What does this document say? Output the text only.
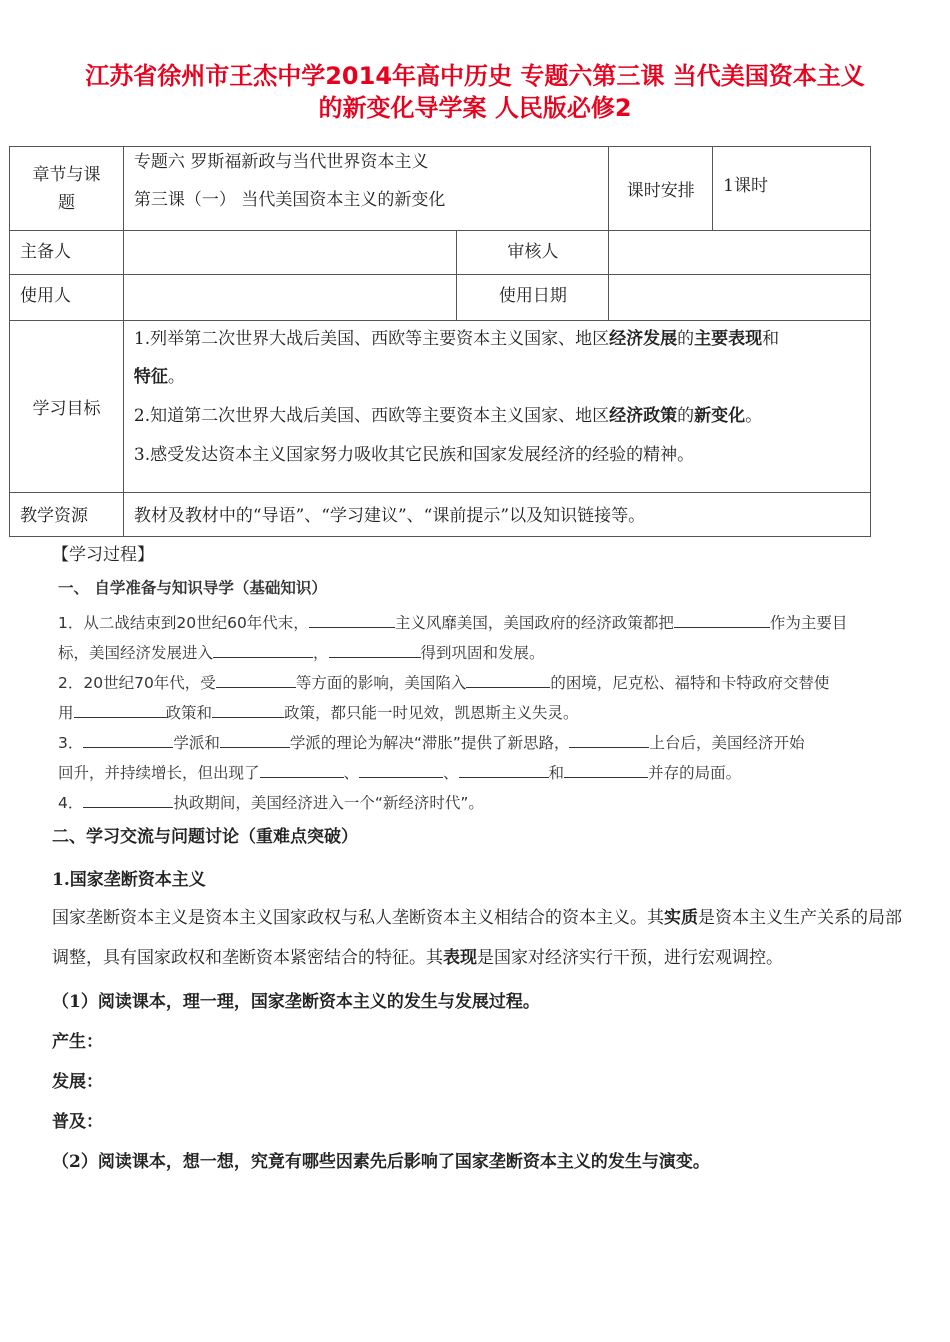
江苏省徐州市王杰中学2014年高中历史 专题六第三课 当代美国资本主义
的新变化导学案 人民版必修2
章节与课题	专题六 罗斯福新政与当代世界资本主义
第三课（一） 当代美国资本主义的新变化		课时安排	1课时
主备人		审核人		
使用人		使用日期		
学习目标	1.列举第二次世界大战后美国、西欧等主要资本主义国家、地区经济发展的主要表现和
特征。
2.知道第二次世界大战后美国、西欧等主要资本主义国家、地区经济政策的新变化。
3.感受发达资本主义国家努力吸收其它民族和国家发展经济的经验的精神。			

教学资源	教材及教材中的“导语”、“学习建议”、“课前提示”以及知识链接等。			
【学习过程】
一、 自学准备与知识导学（基础知识）
1．从二战结束到20世纪60年代末，	主义风靡美国，美国政府的经济政策都把	作为主要目
标，美国经济发展进入	，	得到巩固和发展。
2．20世纪70年代，受	等方面的影响，美国陷入	的困境，尼克松、福特和卡特政府交替使
用	政策和	政策，都只能一时见效，凯恩斯主义失灵。
3．	学派和	学派的理论为解决“滞胀”提供了新思路，	上台后，美国经济开始
回升，并持续增长，但出现了	、	、	和	并存的局面。
4．	执政期间，美国经济进入一个“新经济时代”。
二、学习交流与问题讨论（重难点突破）
1.国家垄断资本主义
国家垄断资本主义是资本主义国家政权与私人垄断资本主义相结合的资本主义。其实质是资本主义生产关系的局部调整，具有国家政权和垄断资本紧密结合的特征。其表现是国家对经济实行干预，进行宏观调控。
（1）阅读课本，理一理，国家垄断资本主义的发生与发展过程。
产生：
发展：
普及：
（2）阅读课本，想一想，究竟有哪些因素先后影响了国家垄断资本主义的发生与演变。
